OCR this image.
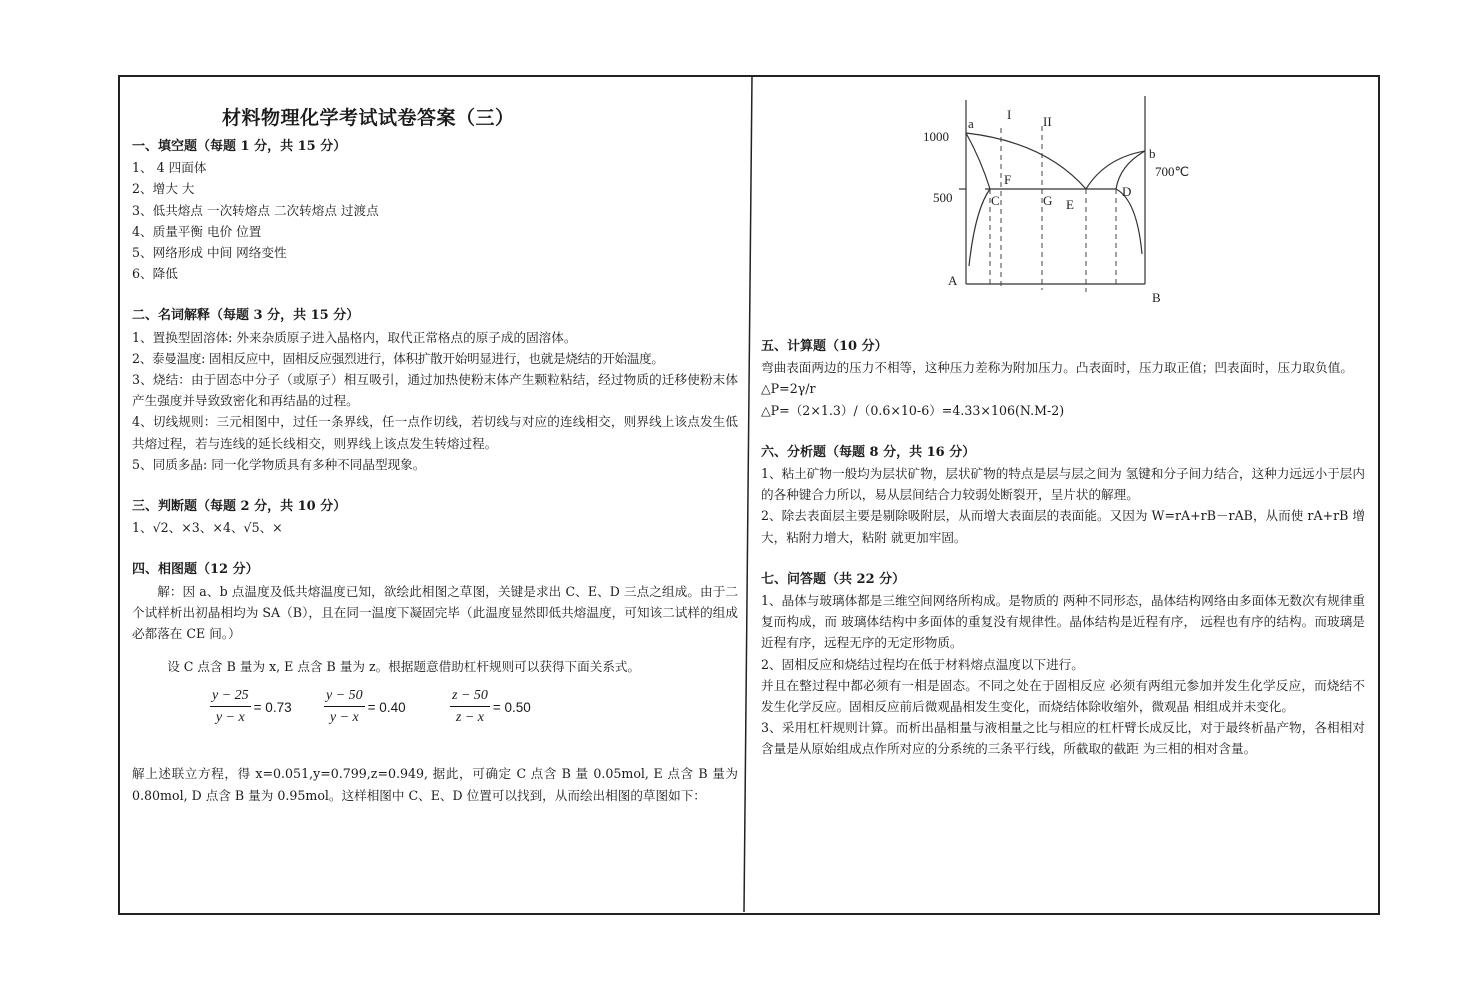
材料物理化学考试试卷答案（三）
一、填空题（每题 1 分，共 15 分）
1、 4 四面体
2、增大 大
3、低共熔点 一次转熔点 二次转熔点 过渡点
4、质量平衡 电价 位置
5、网络形成 中间 网络变性
6、降低
二、名词解释（每题 3 分，共 15 分）
1、置换型固溶体: 外来杂质原子进入晶格内，取代正常格点的原子成的固溶体。
2、泰曼温度: 固相反应中，固相反应强烈进行，体积扩散开始明显进行，也就是烧结的开始温度。
3、烧结：由于固态中分子（或原子）相互吸引，通过加热使粉末体产生颗粒粘结，经过物质的迁移使粉末体产生强度并导致致密化和再结晶的过程。
4、切线规则：三元相图中，过任一条界线，任一点作切线，若切线与对应的连线相交，则界线上该点发生低共熔过程，若与连线的延长线相交，则界线上该点发生转熔过程。
5、同质多晶: 同一化学物质具有多种不同晶型现象。
三、判断题（每题 2 分，共 10 分）
1、√2、×3、×4、√5、×
四、相图题（12 分）
解：因 a、b 点温度及低共熔温度已知，欲绘此相图之草图，关键是求出 C、E、D 三点之组成。由于二个试样析出初晶相均为 SA（B），且在同一温度下凝固完毕（此温度显然即低共熔温度，可知该二试样的组成必都落在 CE 间。）
设 C 点含 B 量为 x, E 点含 B 量为 z。根据题意借助杠杆规则可以获得下面关系式。
$\frac{y - 25}{y - x} = 0.73 \frac{y - 50}{y - x} = 0.40$	$\frac{z - 50}{z - x} = 0.50$
解上述联立方程，得 x=0.051,y=0.799,z=0.949, 据此，可确定 C 点含 B 量 0.05mol, E 点含 B 量为 0.80mol, D 点含 B 量为 0.95mol。这样相图中 C、E、D 位置可以找到，从而绘出相图的草图如下：
a
b
700℃
1000
500
A
B
C
F
G E
D
I II
五、计算题（10 分）
弯曲表面两边的压力不相等，这种压力差称为附加压力。凸表面时，压力取正值；凹表面时，压力取负值。
△P=2γ/r
△P=（2×1.3）/（0.6×10-6）=4.33×106(N.M-2)
六、分析题（每题 8 分，共 16 分）
1、粘土矿物一般均为层状矿物，层状矿物的特点是层与层之间为 氢键和分子间力结合，这种力远远小于层内的各种键合力所以，易从层间结合力较弱处断裂开，呈片状的解理。
2、除去表面层主要是剔除吸附层，从而增大表面层的表面能。又因为 W=rA+rB－rAB，从而使 rA+rB 增大，粘附力增大，粘附 就更加牢固。
七、问答题（共 22 分）
1、晶体与玻璃体都是三维空间网络所构成。是物质的 两种不同形态，晶体结构网络由多面体无数次有规律重复而构成，而 玻璃体结构中多面体的重复没有规律性。晶体结构是近程有序， 远程也有序的结构。而玻璃是近程有序，远程无序的无定形物质。
2、固相反应和烧结过程均在低于材料熔点温度以下进行。
并且在整过程中都必须有一相是固态。不同之处在于固相反应 必须有两组元参加并发生化学反应，而烧结不发生化学反应。固相反应前后微观晶相发生变化，而烧结体除收缩外，微观晶 相组成并未变化。
3、采用杠杆规则计算。而析出晶相量与液相量之比与相应的杠杆臂长成反比，对于最终析晶产物，各相相对含量是从原始组成点作所对应的分系统的三条平行线，所截取的截距 为三相的相对含量。
